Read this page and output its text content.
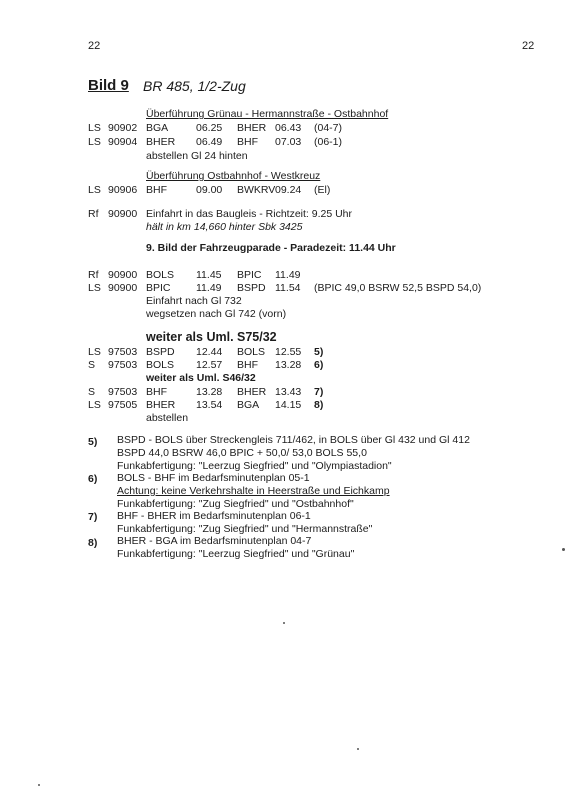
22	22
Bild 9 BR 485, 1/2-Zug
Überführung Grünau - Hermannstraße - Ostbahnhof
LS 90902 BGA	06.25 BHER 06.43 (04-7)
LS 90904 BHER 06.49 BHF 07.03 (06-1)
abstellen Gl 24 hinten
Überführung Ostbahnhof - Westkreuz
LS 90906 BHF	09.00 BWKRV 09.24 (El)
Rf 90900 Einfahrt in das Baugleis - Richtzeit: 9.25 Uhr
hält in km 14,660 hinter Sbk 3425
9. Bild der Fahrzeugparade - Paradezeit: 11.44 Uhr
Rf 90900 BOLS 11.45 BPIC 11.49
LS 90900 BPIC 11.49 BSPD 11.54 (BPIC 49,0 BSRW 52,5 BSPD 54,0)
Einfahrt nach Gl 732
wegsetzen nach Gl 742 (vorn)
weiter als Uml. S75/32
LS 97503 BSPD 12.44 BOLS 12.55 5)
S 97503 BOLS 12.57 BHF 13.28 6)
weiter als Uml. S46/32
S 97503 BHF	13.28 BHER 13.43 7)
LS 97505 BHER 13.54 BGA 14.15 8)
abstellen
5) BSPD - BOLS über Streckengleis 711/462, in BOLS über Gl 432 und Gl 412
BSPD 44,0 BSRW 46,0 BPIC + 50,0/ 53,0 BOLS 55,0
Funkabfertigung: "Leerzug Siegfried" und "Olympiastadion"
6) BOLS - BHF im Bedarfsminutenplan 05-1
Achtung: keine Verkehrshalte in Heerstraße und Eichkamp
Funkabfertigung: "Zug Siegfried" und "Ostbahnhof"
7) BHF - BHER im Bedarfsminutenplan 06-1
Funkabfertigung: "Zug Siegfried" und "Hermannstraße"
8) BHER - BGA im Bedarfsminutenplan 04-7
Funkabfertigung: "Leerzug Siegfried" und "Grünau"
